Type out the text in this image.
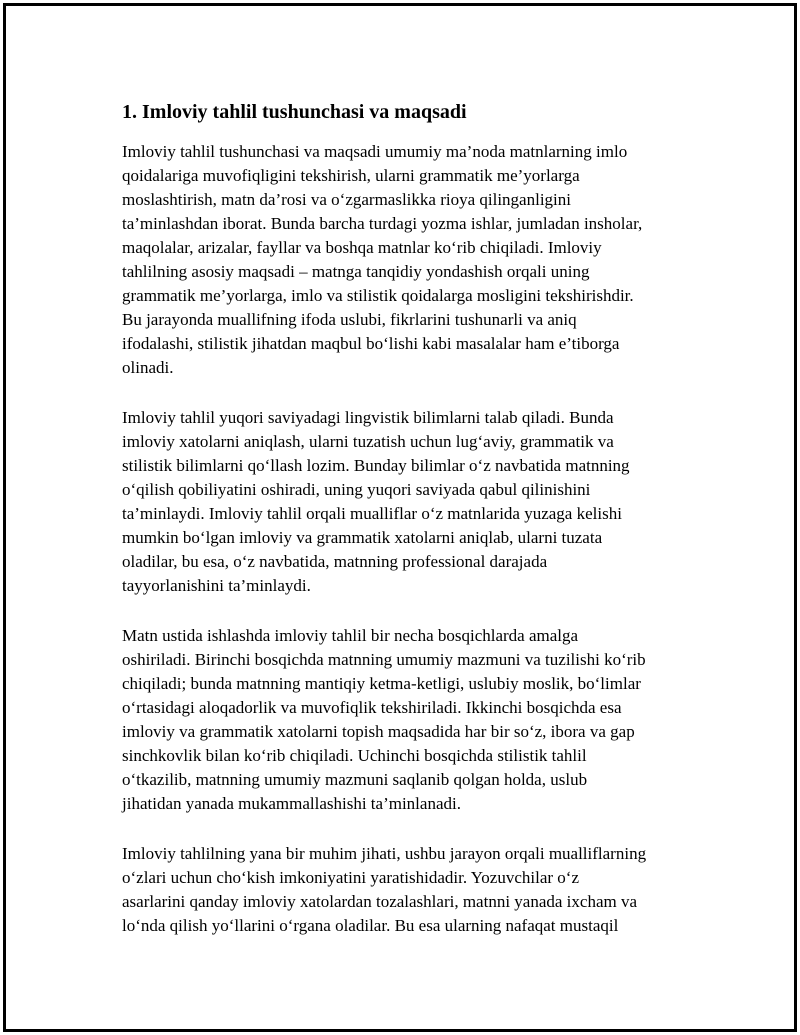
1. Imloviy tahlil tushunchasi va maqsadi
Imloviy tahlil tushunchasi va maqsadi umumiy ma’noda matnlarning imlo
qoidalariga muvofiqligini tekshirish, ularni grammatik me’yorlarga
moslashtirish, matn da’rosi va o‘zgarmaslikka rioya qilinganligini
ta’minlashdan iborat. Bunda barcha turdagi yozma ishlar, jumladan insholar,
maqolalar, arizalar, fayllar va boshqa matnlar ko‘rib chiqiladi. Imloviy
tahlilning asosiy maqsadi – matnga tanqidiy yondashish orqali uning
grammatik me’yorlarga, imlo va stilistik qoidalarga mosligini tekshirishdir.
Bu jarayonda muallifning ifoda uslubi, fikrlarini tushunarli va aniq
ifodalashi, stilistik jihatdan maqbul bo‘lishi kabi masalalar ham e’tiborga
olinadi.
Imloviy tahlil yuqori saviyadagi lingvistik bilimlarni talab qiladi. Bunda
imloviy xatolarni aniqlash, ularni tuzatish uchun lug‘aviy, grammatik va
stilistik bilimlarni qo‘llash lozim. Bunday bilimlar o‘z navbatida matnning
o‘qilish qobiliyatini oshiradi, uning yuqori saviyada qabul qilinishini
ta’minlaydi. Imloviy tahlil orqali mualliflar o‘z matnlarida yuzaga kelishi
mumkin bo‘lgan imloviy va grammatik xatolarni aniqlab, ularni tuzata
oladilar, bu esa, o‘z navbatida, matnning professional darajada
tayyorlanishini ta’minlaydi.
Matn ustida ishlashda imloviy tahlil bir necha bosqichlarda amalga
oshiriladi. Birinchi bosqichda matnning umumiy mazmuni va tuzilishi ko‘rib
chiqiladi; bunda matnning mantiqiy ketma-ketligi, uslubiy moslik, bo‘limlar
o‘rtasidagi aloqadorlik va muvofiqlik tekshiriladi. Ikkinchi bosqichda esa
imloviy va grammatik xatolarni topish maqsadida har bir so‘z, ibora va gap
sinchkovlik bilan ko‘rib chiqiladi. Uchinchi bosqichda stilistik tahlil
o‘tkazilib, matnning umumiy mazmuni saqlanib qolgan holda, uslub
jihatidan yanada mukammallashishi ta’minlanadi.
Imloviy tahlilning yana bir muhim jihati, ushbu jarayon orqali mualliflarning
o‘zlari uchun cho‘kish imkoniyatini yaratishidadir. Yozuvchilar o‘z
asarlarini qanday imloviy xatolardan tozalashlari, matnni yanada ixcham va
lo‘nda qilish yo‘llarini o‘rgana oladilar. Bu esa ularning nafaqat mustaqil
